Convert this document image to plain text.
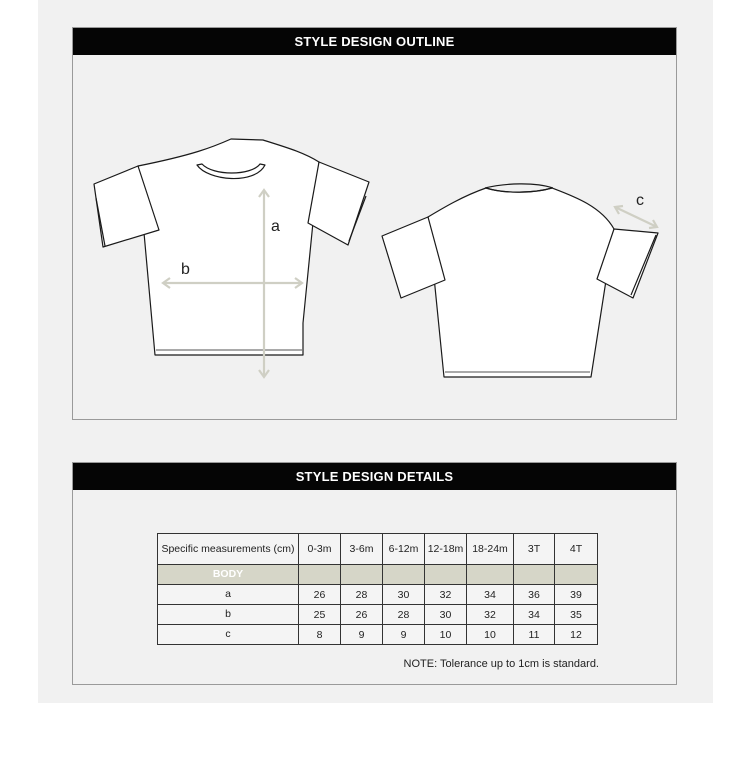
STYLE DESIGN OUTLINE
a
b
c
STYLE DESIGN DETAILS
Specific measurements (cm)	0-3m	3-6m	6-12m	12-18m	18-24m	3T	4T
BODY							
a	26	28	30	32	34	36	39
b	25	26	28	30	32	34	35
c	8	9	9	10	10	11	12
NOTE: Tolerance up to 1cm is standard.
